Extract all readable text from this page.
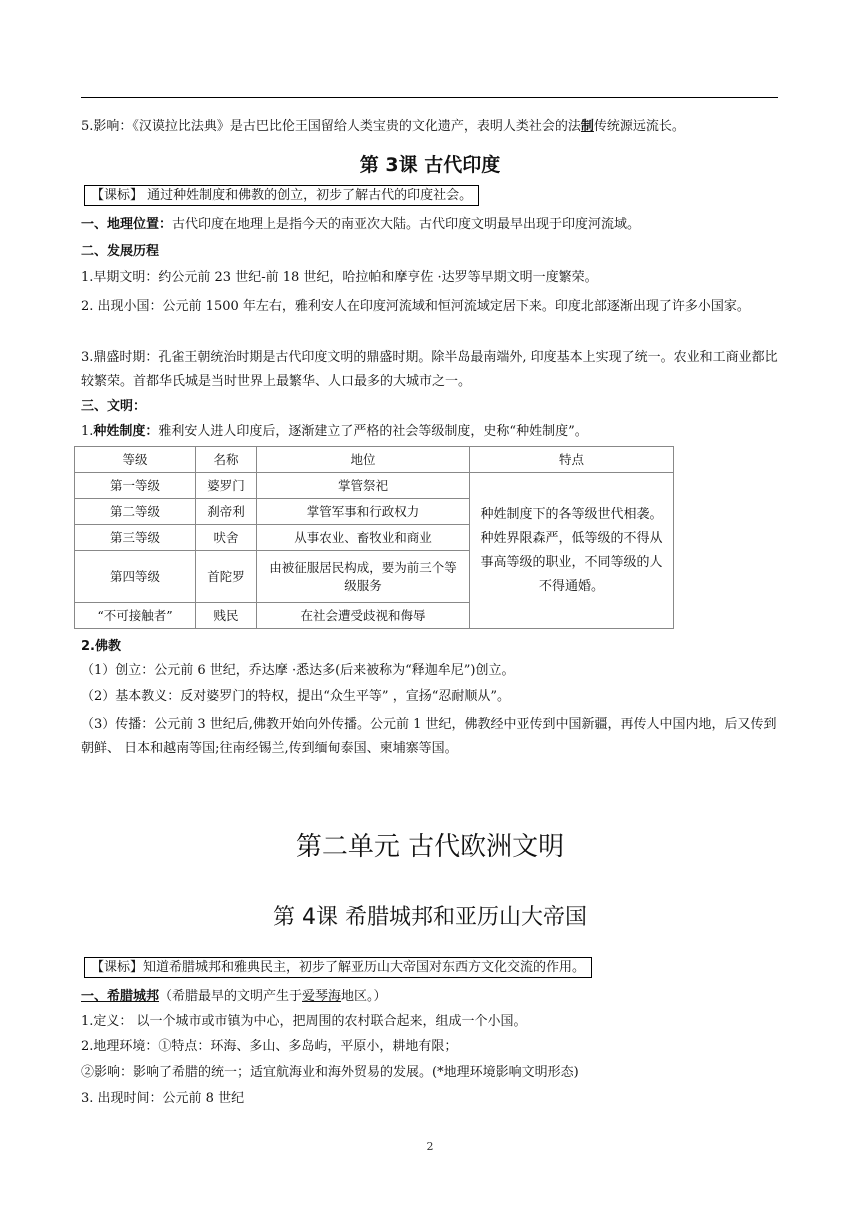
5.影响：《汉谟拉比法典》是古巴比伦王国留给人类宝贵的文化遗产，表明人类社会的法制传统源远流长。
第 3课 古代印度
【课标】 通过种姓制度和佛教的创立，初步了解古代的印度社会。
一、地理位置：古代印度在地理上是指今天的南亚次大陆。古代印度文明最早出现于印度河流域。
二、发展历程
1.早期文明：约公元前 23 世纪-前 18 世纪，哈拉帕和摩亨佐 ·达罗等早期文明一度繁荣。
2. 出现小国：公元前 1500 年左右，雅利安人在印度河流域和恒河流域定居下来。印度北部逐渐出现了许多小国家。
3.鼎盛时期：孔雀王朝统治时期是古代印度文明的鼎盛时期。除半岛最南端外, 印度基本上实现了统一。农业和工商业都比较繁荣。首都华氏城是当时世界上最繁华、人口最多的大城市之一。
三、文明：
1.种姓制度：雅利安人进人印度后，逐渐建立了严格的社会等级制度，史称“种姓制度”。
等级	名称	地位	特点
第一等级	婆罗门	掌管祭祀	种姓制度下的各等级世代相袭。种姓界限森严，低等级的不得从事高等级的职业，不同等级的人不得通婚。
第二等级	刹帝利	掌管军事和行政权力	
第三等级	吠舍	从事农业、畜牧业和商业	
第四等级	首陀罗	由被征服居民构成，要为前三个等级服务	
“不可接触者”	贱民	在社会遭受歧视和侮辱	
2.佛教
（1）创立：公元前 6 世纪，乔达摩 ·悉达多(后来被称为“释迦牟尼”)创立。
（2）基本教义：反对婆罗门的特权，提出“众生平等” ，宣扬“忍耐顺从”。
（3）传播：公元前 3 世纪后,佛教开始向外传播。公元前 1 世纪，佛教经中亚传到中国新疆，再传人中国内地，后又传到朝鲜、 日本和越南等国;往南经锡兰,传到缅甸泰国、柬埔寨等国。
第二单元 古代欧洲文明
第 4课 希腊城邦和亚历山大帝国
【课标】知道希腊城邦和雅典民主，初步了解亚历山大帝国对东西方文化交流的作用。
一、希腊城邦（希腊最早的文明产生于爱琴海地区。）
1.定义： 以一个城市或市镇为中心，把周围的农村联合起来，组成一个小国。
2.地理环境：①特点：环海、多山、多岛屿，平原小，耕地有限；
②影响：影响了希腊的统一；适宜航海业和海外贸易的发展。(*地理环境影响文明形态)
3. 出现时间：公元前 8 世纪
2
